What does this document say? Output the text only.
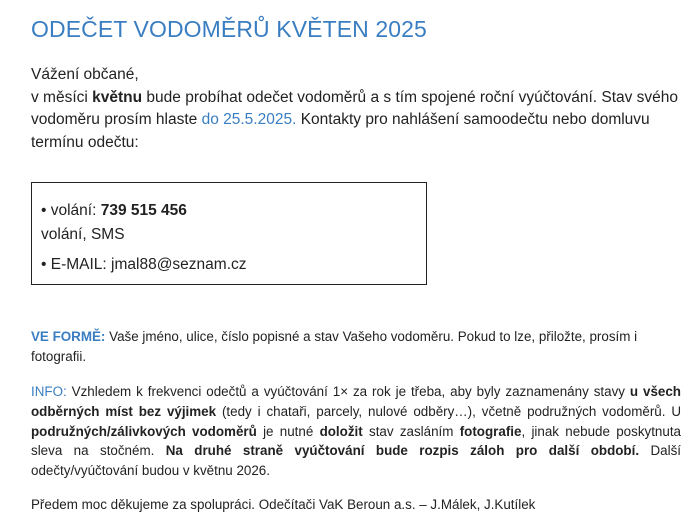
ODEČET VODOMĚRŮ KVĚTEN 2025

Vážení občané,

v měsíci květnu bude probíhat odečet vodoměrů a s tím spojené roční vyúčtování. Stav svého vodoměru prosím hlaste do 25.5.2025. Kontakty pro nahlášení samoodečtu nebo domluvu termínu odečtu:

• volání: 739 515 456
volání, SMS
• E-MAIL: jmal88@seznam.cz

VE FORMĚ: Vaše jméno, ulice, číslo popisné a stav Vašeho vodoměru. Pokud to lze, přiložte, prosím i fotografii.

INFO: Vzhledem k frekvenci odečtů a vyúčtování 1× za rok je třeba, aby byly zaznamenány stavy u všech odběrných míst bez výjimek (tedy i chataři, parcely, nulové odběry…), včetně podružných vodoměrů. U podružných/zálivkových vodoměrů je nutné doložit stav zasláním fotografie, jinak nebude poskytnuta sleva na stočném. Na druhé straně vyúčtování bude rozpis záloh pro další období. Další odečty/vyúčtování budou v květnu 2026.

Předem moc děkujeme za spolupráci. Odečítači VaK Beroun a.s. – J.Málek, J.Kutílek
